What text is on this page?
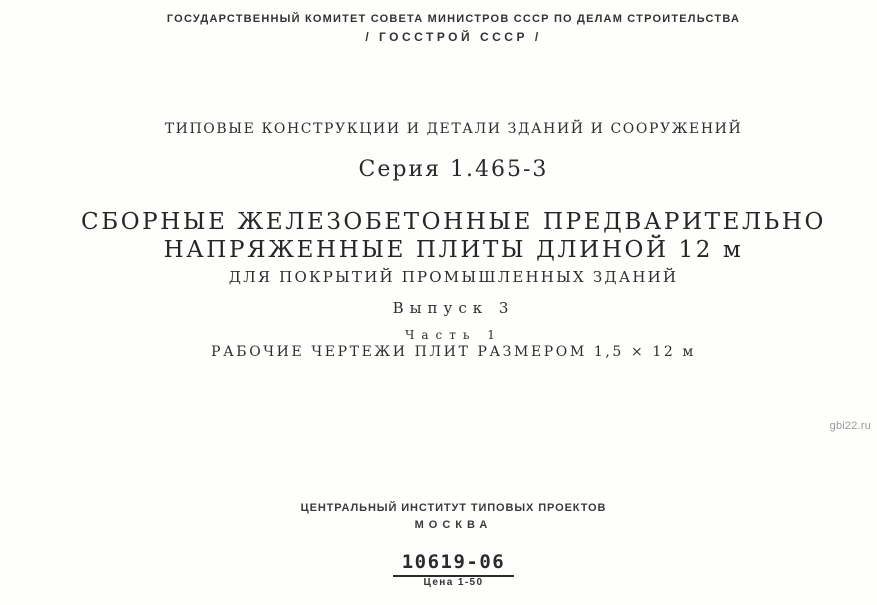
ГОСУДАРСТВЕННЫЙ КОМИТЕТ СОВЕТА МИНИСТРОВ СССР ПО ДЕЛАМ СТРОИТЕЛЬСТВА
/ ГОССТРОЙ СССР /
ТИПОВЫЕ КОНСТРУКЦИИ И ДЕТАЛИ ЗДАНИЙ И СООРУЖЕНИЙ
Серия 1.465-3
СБОРНЫЕ ЖЕЛЕЗОБЕТОННЫЕ ПРЕДВАРИТЕЛЬНО
НАПРЯЖЕННЫЕ ПЛИТЫ ДЛИНОЙ 12 м
ДЛЯ ПОКРЫТИЙ ПРОМЫШЛЕННЫХ ЗДАНИЙ
Выпуск 3
Часть 1
РАБОЧИЕ ЧЕРТЕЖИ ПЛИТ РАЗМЕРОМ 1,5 × 12 м
gbi22.ru
ЦЕНТРАЛЬНЫЙ ИНСТИТУТ ТИПОВЫХ ПРОЕКТОВ
МОСКВА
10619-06
Цена 1-50
